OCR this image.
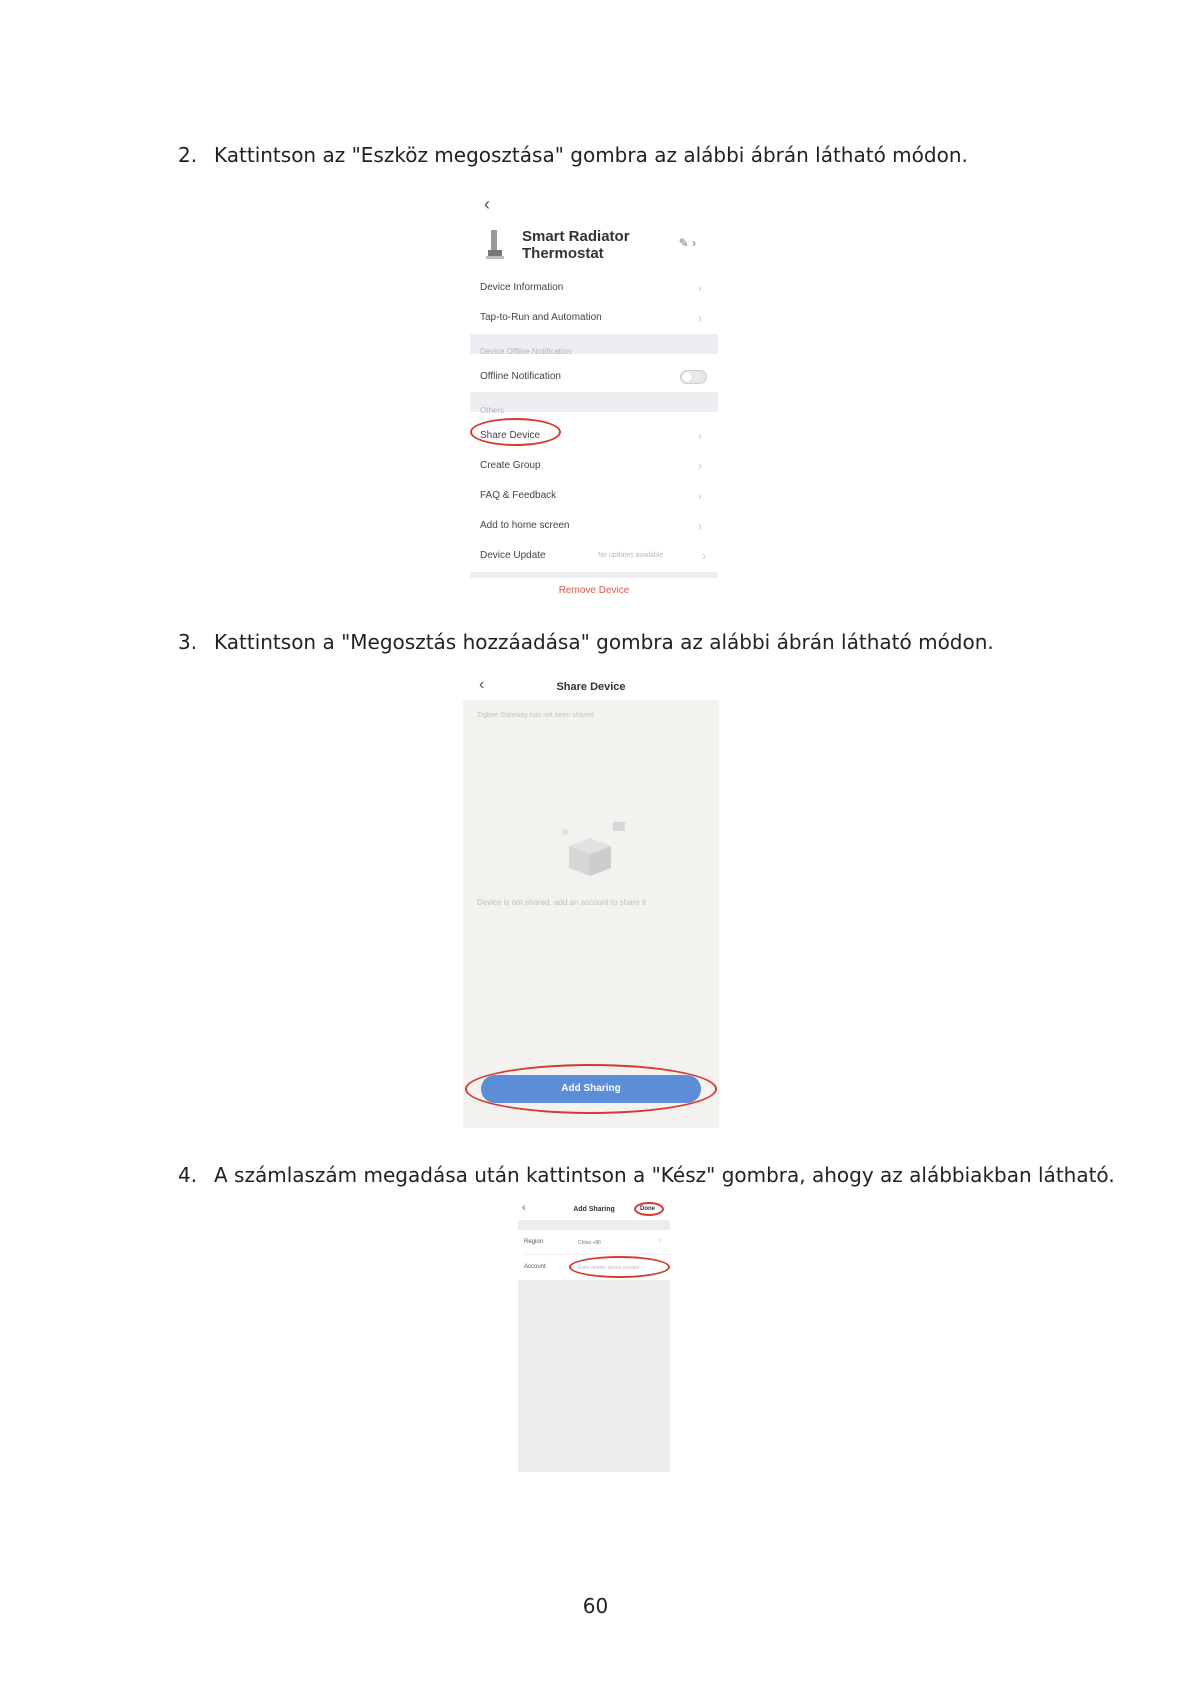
2. Kattintson az "Eszköz megosztása" gombra az alábbi ábrán látható módon.
‹
Smart Radiator Thermostat
✎ ›
Device Information	›
Tap-to-Run and Automation	›
Device Offline Notification
Offline Notification
Others
Share Device	›
Create Group	›
FAQ & Feedback	›
Add to home screen	›
Device Update	No updates available	›
Remove Device
3. Kattintson a "Megosztás hozzáadása" gombra az alábbi ábrán látható módon.
‹	Share Device
Zigbee Gateway has not been shared
Device is not shared, add an account to share it
Add Sharing
4. A számlaszám megadása után kattintson a "Kész" gombra, ahogy az alábbiakban látható.
‹	Add Sharing	Done
Region	China +86	›
Account	Enter mobile phone number
60
